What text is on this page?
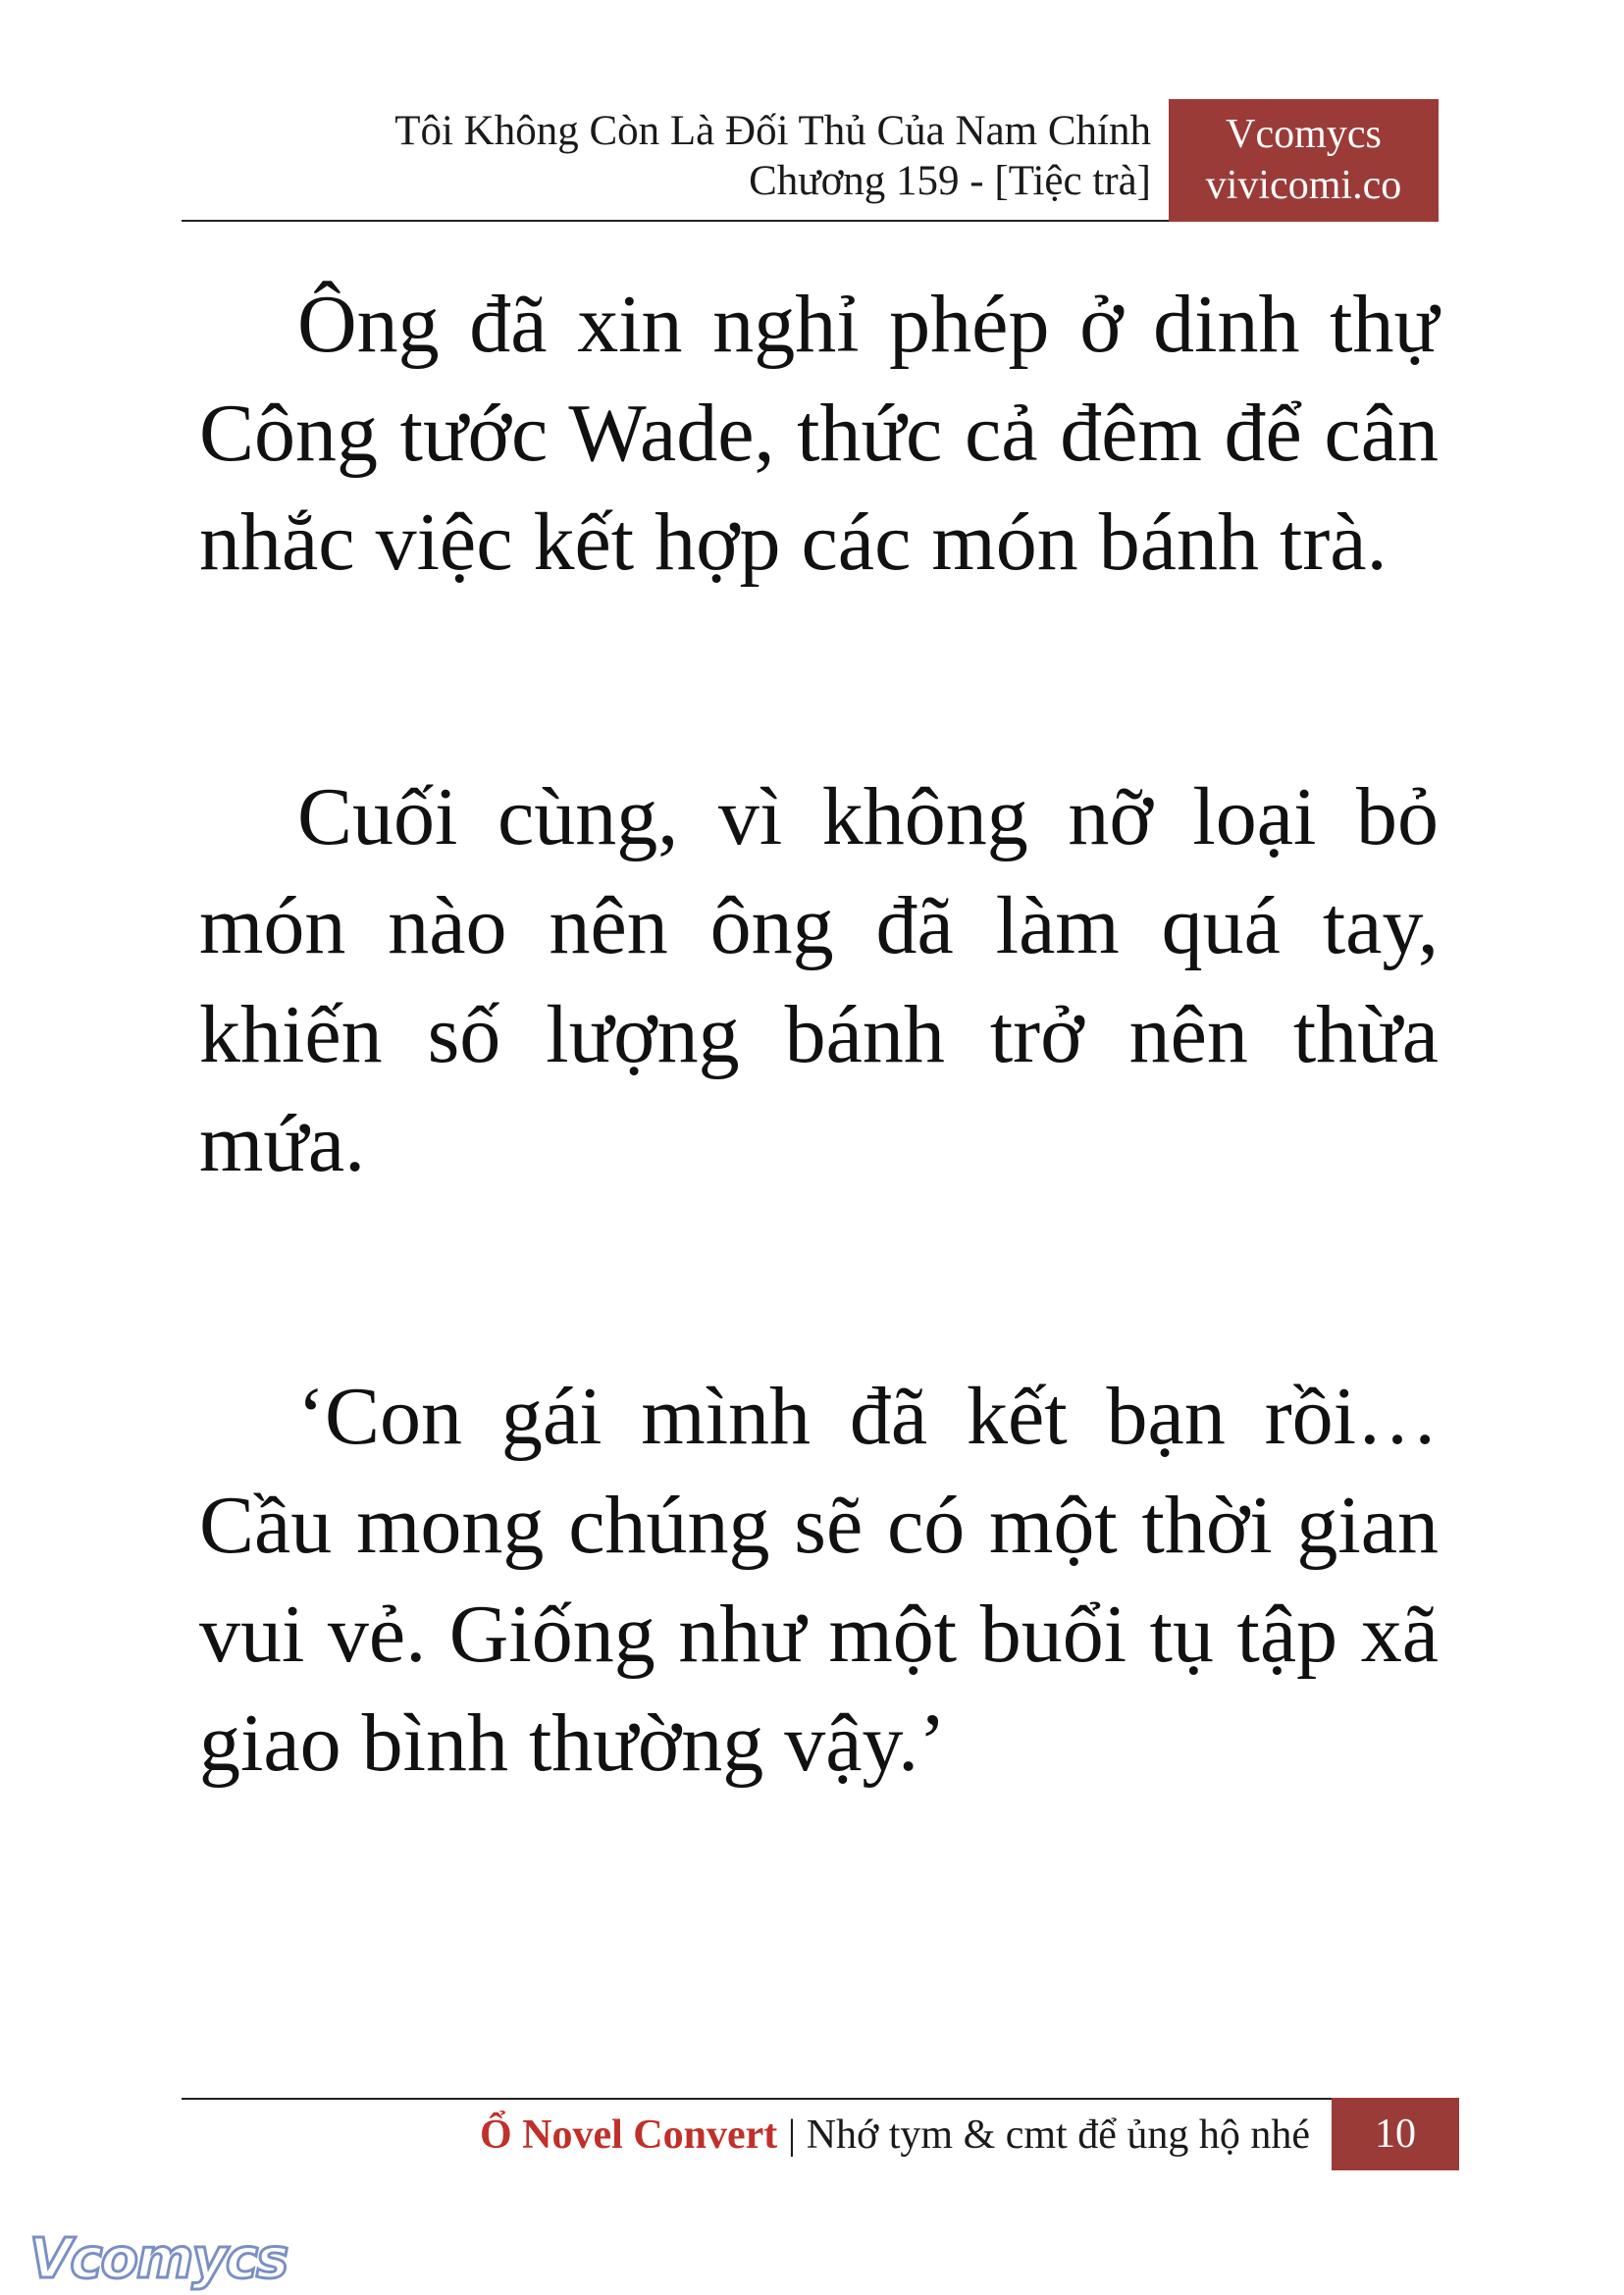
Tôi Không Còn Là Đối Thủ Của Nam Chính
Chương 159 - [Tiệc trà]
Vcomycs
vivicomi.co

Ông đã xin nghỉ phép ở dinh thự Công tước Wade, thức cả đêm để cân nhắc việc kết hợp các món bánh trà.

Cuối cùng, vì không nỡ loại bỏ món nào nên ông đã làm quá tay, khiến số lượng bánh trở nên thừa mứa.

‘Con gái mình đã kết bạn rồi… Cầu mong chúng sẽ có một thời gian vui vẻ. Giống như một buổi tụ tập xã giao bình thường vậy.’

Ổ Novel Convert | Nhớ tym & cmt để ủng hộ nhé	10
Vcomycs
